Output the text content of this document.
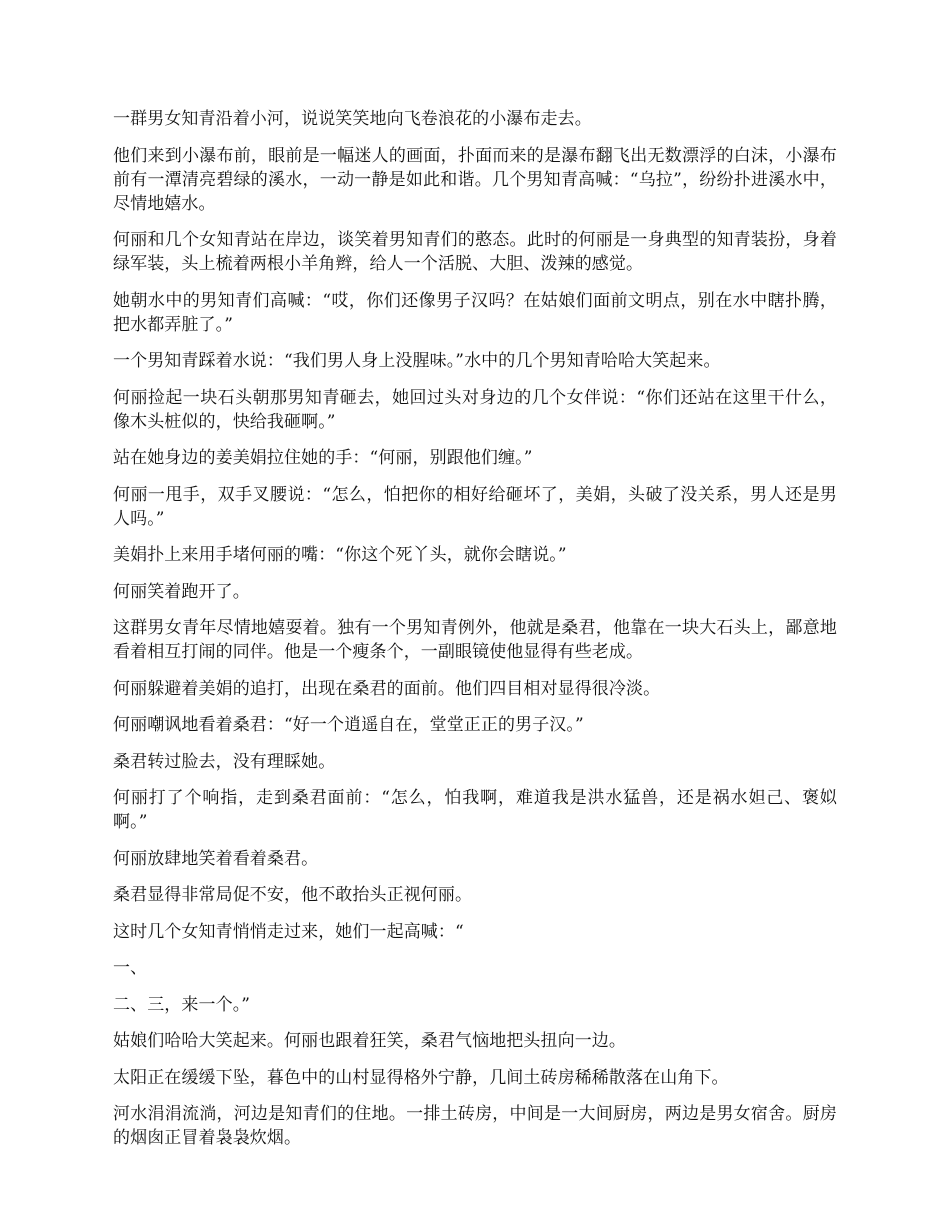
一群男女知青沿着小河，说说笑笑地向飞卷浪花的小瀑布走去。

他们来到小瀑布前，眼前是一幅迷人的画面，扑面而来的是瀑布翻飞出无数漂浮的白沫，小瀑布前有一潭清亮碧绿的溪水，一动一静是如此和谐。几个男知青高喊：“乌拉”，纷纷扑进溪水中，尽情地嬉水。

何丽和几个女知青站在岸边，谈笑着男知青们的憨态。此时的何丽是一身典型的知青装扮，身着绿军装，头上梳着两根小羊角辫，给人一个活脱、大胆、泼辣的感觉。

她朝水中的男知青们高喊：“哎，你们还像男子汉吗？在姑娘们面前文明点，别在水中瞎扑腾，把水都弄脏了。”

一个男知青踩着水说：“我们男人身上没腥味。”水中的几个男知青哈哈大笑起来。

何丽捡起一块石头朝那男知青砸去，她回过头对身边的几个女伴说：“你们还站在这里干什么，像木头桩似的，快给我砸啊。”

站在她身边的姜美娟拉住她的手：“何丽，别跟他们缠。”

何丽一甩手，双手叉腰说：“怎么，怕把你的相好给砸坏了，美娟，头破了没关系，男人还是男人吗。”

美娟扑上来用手堵何丽的嘴：“你这个死丫头，就你会瞎说。”

何丽笑着跑开了。

这群男女青年尽情地嬉耍着。独有一个男知青例外，他就是桑君，他靠在一块大石头上，鄙意地看着相互打闹的同伴。他是一个瘦条个，一副眼镜使他显得有些老成。

何丽躲避着美娟的追打，出现在桑君的面前。他们四目相对显得很冷淡。

何丽嘲讽地看着桑君：“好一个逍遥自在，堂堂正正的男子汉。”

桑君转过脸去，没有理睬她。

何丽打了个响指，走到桑君面前：“怎么，怕我啊，难道我是洪水猛兽，还是祸水妲己、褒姒啊。”

何丽放肆地笑着看着桑君。

桑君显得非常局促不安，他不敢抬头正视何丽。

这时几个女知青悄悄走过来，她们一起高喊：“

一、

二、三，来一个。”

姑娘们哈哈大笑起来。何丽也跟着狂笑，桑君气恼地把头扭向一边。

太阳正在缓缓下坠，暮色中的山村显得格外宁静，几间土砖房稀稀散落在山角下。

河水涓涓流淌，河边是知青们的住地。一排土砖房，中间是一大间厨房，两边是男女宿舍。厨房的烟囱正冒着袅袅炊烟。
